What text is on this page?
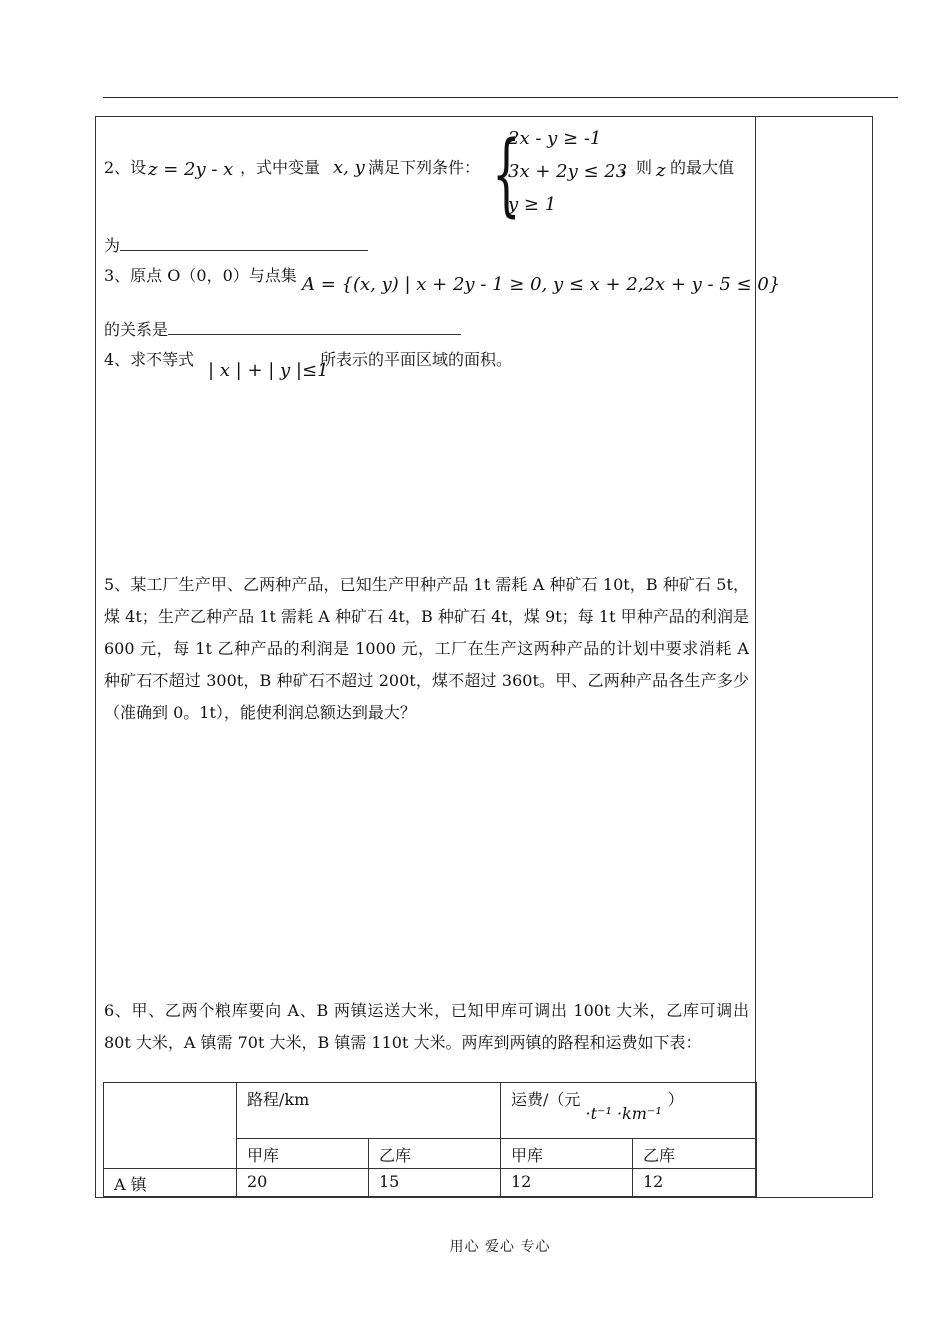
2、设 z = 2y - x ，式中变量 x, y 满足下列条件： {
2x - y ≥ -1
3x + 2y ≤ 23
y ≥ 1
，则 z 的最大值
为
3、原点 O（0，0）与点集 A = {(x, y) | x + 2y - 1 ≥ 0, y ≤ x + 2,2x + y - 5 ≤ 0}
的关系是
4、求不等式
| x | + | y |≤1
所表示的平面区域的面积。
5、某工厂生产甲、乙两种产品，已知生产甲种产品 1t 需耗 A 种矿石 10t，B 种矿石 5t，煤 4t；生产乙种产品 1t 需耗 A 种矿石 4t，B 种矿石 4t，煤 9t；每 1t 甲种产品的利润是 600 元，每 1t 乙种产品的利润是 1000 元，工厂在生产这两种产品的计划中要求消耗 A 种矿石不超过 300t，B 种矿石不超过 200t，煤不超过 360t。甲、乙两种产品各生产多少（准确到 0。1t），能使利润总额达到最大？
6、甲、乙两个粮库要向 A、B 两镇运送大米，已知甲库可调出 100t 大米，乙库可调出 80t 大米，A 镇需 70t 大米，B 镇需 110t 大米。两库到两镇的路程和运费如下表：
	路程/km		运费/（元 ·t⁻¹ ·km⁻¹）	
	甲库	乙库	甲库	乙库
A 镇	20	15	12	12
用心 爱心 专心
